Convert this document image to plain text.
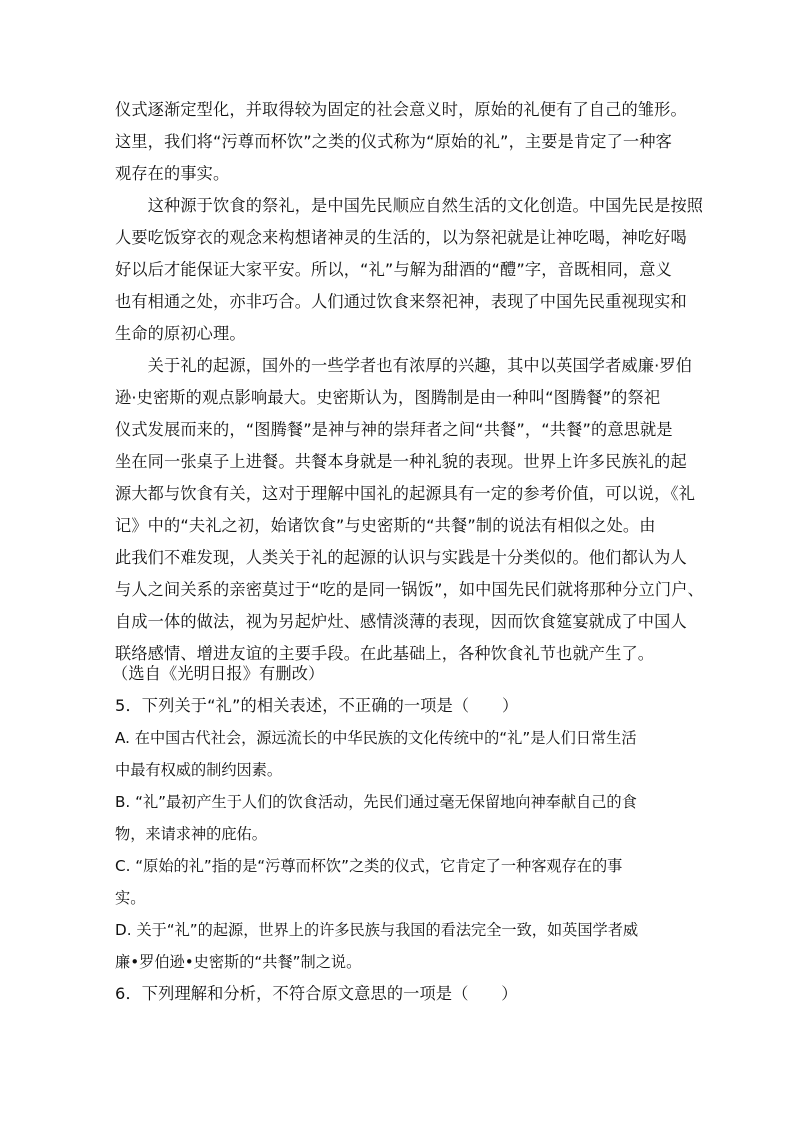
仪式逐渐定型化，并取得较为固定的社会意义时，原始的礼便有了自己的雏形。
这里，我们将“污尊而杯饮”之类的仪式称为“原始的礼”，主要是肯定了一种客
观存在的事实。
　　这种源于饮食的祭礼，是中国先民顺应自然生活的文化创造。中国先民是按照
人要吃饭穿衣的观念来构想诸神灵的生活的，以为祭祀就是让神吃喝，神吃好喝
好以后才能保证大家平安。所以，“礼”与解为甜酒的“醴”字，音既相同，意义
也有相通之处，亦非巧合。人们通过饮食来祭祀神，表现了中国先民重视现实和
生命的原初心理。
　　关于礼的起源，国外的一些学者也有浓厚的兴趣，其中以英国学者威廉·罗伯
逊·史密斯的观点影响最大。史密斯认为，图腾制是由一种叫“图腾餐”的祭祀
仪式发展而来的，“图腾餐”是神与神的崇拜者之间“共餐”，“共餐”的意思就是
坐在同一张桌子上进餐。共餐本身就是一种礼貌的表现。世界上许多民族礼的起
源大都与饮食有关，这对于理解中国礼的起源具有一定的参考价值，可以说，《礼
记》中的“夫礼之初，始诸饮食”与史密斯的“共餐”制的说法有相似之处。由
此我们不难发现，人类关于礼的起源的认识与实践是十分类似的。他们都认为人
与人之间关系的亲密莫过于“吃的是同一锅饭”，如中国先民们就将那种分立门户、
自成一体的做法，视为另起炉灶、感情淡薄的表现，因而饮食筵宴就成了中国人
联络感情、增进友谊的主要手段。在此基础上，各种饮食礼节也就产生了。
（选自《光明日报》有删改）
5．下列关于“礼”的相关表述，不正确的一项是（　　）
A. 在中国古代社会，源远流长的中华民族的文化传统中的“礼”是人们日常生活
中最有权威的制约因素。
B. “礼”最初产生于人们的饮食活动，先民们通过毫无保留地向神奉献自己的食
物，来请求神的庇佑。
C. “原始的礼”指的是“污尊而杯饮”之类的仪式，它肯定了一种客观存在的事
实。
D. 关于“礼”的起源，世界上的许多民族与我国的看法完全一致，如英国学者威
廉•罗伯逊•史密斯的“共餐”制之说。
6．下列理解和分析，不符合原文意思的一项是（　　）
